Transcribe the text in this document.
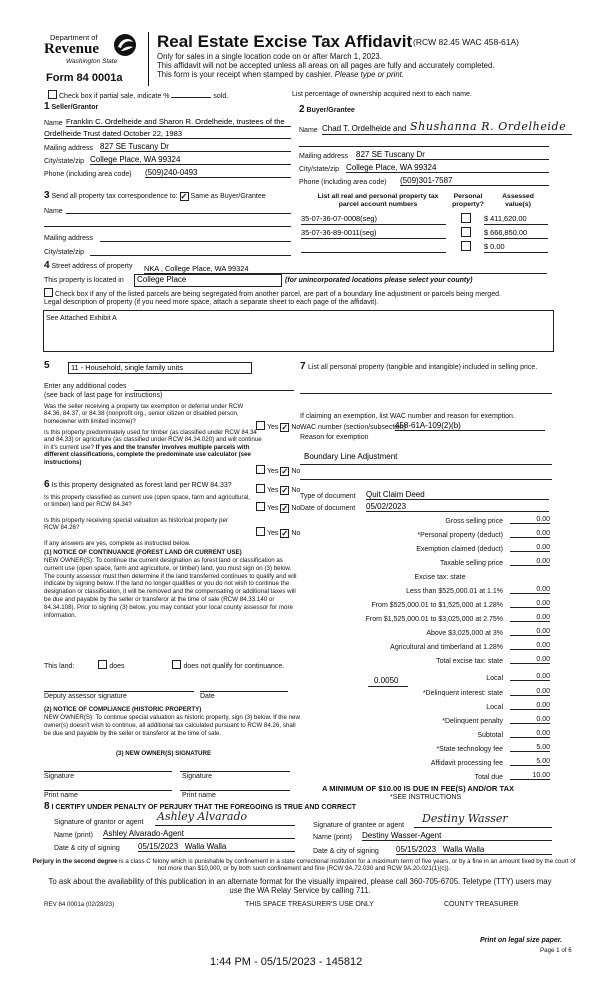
Department of
Revenue
Washington State
Form 84 0001a
Real Estate Excise Tax Affidavit (RCW 82.45 WAC 458-61A)
Only for sales in a single location code on or after March 1, 2023.
This affidavit will not be accepted unless all areas on all pages are fully and accurately completed.
This form is your receipt when stamped by cashier. Please type or print.
Check box if partial sale, indicate %	sold.	List percentage of ownership acquired next to each name.
1 Seller/Grantor
Name Franklin C. Ordelheide and Sharon R. Ordelheide, trustees of the
Ordelheide Trust dated October 22, 1983
Mailing address 827 SE Tuscany Dr
City/state/zip College Place, WA 99324
Phone (including area code) (509)240-0493
2 Buyer/Grantee
Name Chad T. Ordelheide and Shushanna R. Ordelheide
Mailing address 827 SE Tuscany Dr
City/state/zip College Place, WA 99324
Phone (including area code) (509)301-7587
3 Send all property tax correspondence to: ✓ Same as Buyer/Grantee
Name
Mailing address
City/state/zip
List all real and personal property tax
parcel account numbers
Personal
property?
Assessed
value(s)
35-07-36-07-0008(seg)	$ 411,620.00
35-07-36-89-0011(seg)	$ 666,850.00
$ 0.00
4 Street address of property NKA , College Place, WA 99324
This property is located in	College Place	(for unincorporated locations please select your county)
Check box if any of the listed parcels are being segregated from another parcel, are part of a boundary line adjustment or parcels being merged.
Legal description of property (if you need more space, attach a separate sheet to each page of the affidavit).
See Attached Exhibit A
5	11 - Household, single family units
Enter any additional codes
(see back of last page for instructions)
Was the seller receiving a property tax exemption or deferral under RCW 84.36, 84.37, or 84.38 (nonprofit org., senior citizen or disabled person, homeowner with limited income)?
Yes ✓ No
Is this property predominately used for timber (as classified under RCW 84.34 and 84.33) or agriculture (as classified under RCW 84.34.020) and will continue in it's current use? If yes and the transfer involves multiple parcels with different classifications, complete the predominate use calculator (see instructions)
Yes ✓ No
6 Is this property designated as forest land per RCW 84.33?
Yes ✓ No
Is this property classified as current use (open space, farm and agricultural, or timber) land per RCW 84.34?
Yes ✓ No
Is this property receiving special valuation as historical property per RCW 84.26?
Yes ✓ No
If any answers are yes, complete as instructed below.
(1) NOTICE OF CONTINUANCE (FOREST LAND OR CURRENT USE)
NEW OWNER(S): To continue the current designation as forest land or classification as current use (open space, farm and agriculture, or timber) land, you must sign on (3) below. The county assessor must then determine if the land transferred continues to qualify and will indicate by signing below. If the land no longer qualifies or you do not wish to continue the designation or classification, it will be removed and the compensating or additional taxes will be due and payable by the seller or transferor at the time of sale (RCW 84.33.140 or 84.34.108). Prior to signing (3) below, you may contact your local county assessor for more information.
This land:	does	does not qualify for continuance.
Deputy assessor signature	Date
(2) NOTICE OF COMPLIANCE (HISTORIC PROPERTY)
NEW OWNER(S): To continue special valuation as historic property, sign (3) below. If the new owner(s) doesn't wish to continue, all additional tax calculated pursuant to RCW 84.26, shall be due and payable by the seller or transferor at the time of sale.
(3) NEW OWNER(S) SIGNATURE
Signature	Signature
Print name	Print name
7 List all personal property (tangible and intangible) included in selling price.
If claiming an exemption, list WAC number and reason for exemption.
WAC number (section/subsection)
458-61A-109(2)(b)
Reason for exemption
Boundary Line Adjustment
Type of document Quit Claim Deed
Date of document 05/02/2023
Gross selling price	0.00
*Personal property (deduct)	0.00
Exemption claimed (deduct)	0.00
Taxable selling price	0.00
Excise tax: state
Less than $525,000.01 at 1.1%	0.00
From $525,000.01 to $1,525,000 at 1.28%	0.00
From $1,525,000.01 to $3,025,000 at 2.75%	0.00
Above $3,025,000 at 3%	0.00
Agricultural and timberland at 1.28%	0.00
Total excise tax: state	0.00
Local	0.00
*Delinquent interest: state	0.00
Local	0.00
*Delinquent penalty	0.00
Subtotal	0.00
*State technology fee	5.00
Affidavit processing fee	5.00
Total due	10.00
0.0050
A MINIMUM OF $10.00 IS DUE IN FEE(S) AND/OR TAX
*SEE INSTRUCTIONS
8 I CERTIFY UNDER PENALTY OF PERJURY THAT THE FOREGOING IS TRUE AND CORRECT
Signature of grantor or agent Ashley Alvarado
Name (print) Ashley Alvarado-Agent
Date & city of signing 05/15/2023   Walla Walla
Signature of grantee or agent
Destiny Wasser
Name (print) Destiny Wasser-Agent
Date & city of signing 05/15/2023   Walla Walla
Perjury in the second degree is a class C felony which is punishable by confinement in a state correctional institution for a maximum term of five years, or by a fine in an amount fixed by the court of not more than $10,000, or by both such confinement and fine (RCW 9A.72.030 and RCW 9A.20.021(1)(c)).
To ask about the availability of this publication in an alternate format for the visually impaired, please call 360-705-6705. Teletype (TTY) users may use the WA Relay Service by calling 711.
REV 84 0001a (02/28/23)	THIS SPACE TREASURER'S USE ONLY	COUNTY TREASURER
Print on legal size paper.
Page 1 of 6
1:44 PM - 05/15/2023 - 145812
